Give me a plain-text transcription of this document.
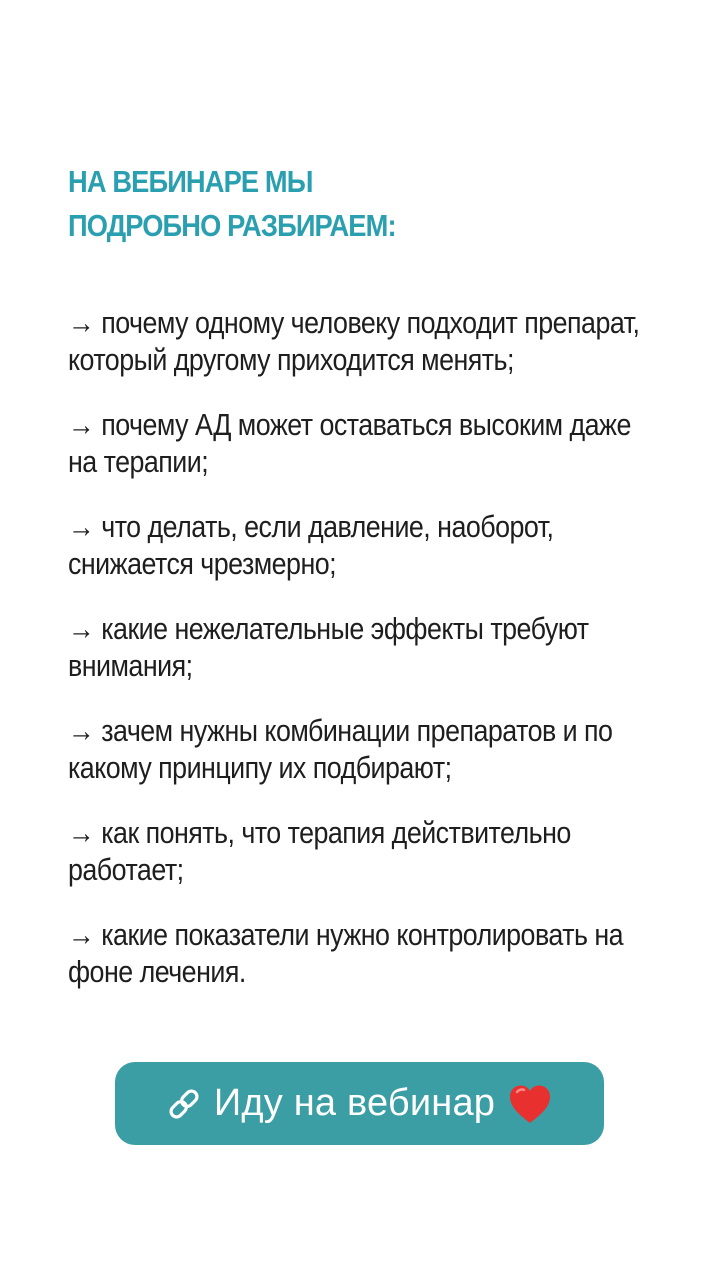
НА ВЕБИНАРЕ МЫ
ПОДРОБНО РАЗБИРАЕМ:
→ почему одному человеку подходит препарат, который другому приходится менять;
→ почему АД может оставаться высоким даже на терапии;
→ что делать, если давление, наоборот, снижается чрезмерно;
→ какие нежелательные эффекты требуют внимания;
→ зачем нужны комбинации препаратов и по какому принципу их подбирают;
→ как понять, что терапия действительно работает;
→ какие показатели нужно контролировать на фоне лечения.
Иду на вебинар
